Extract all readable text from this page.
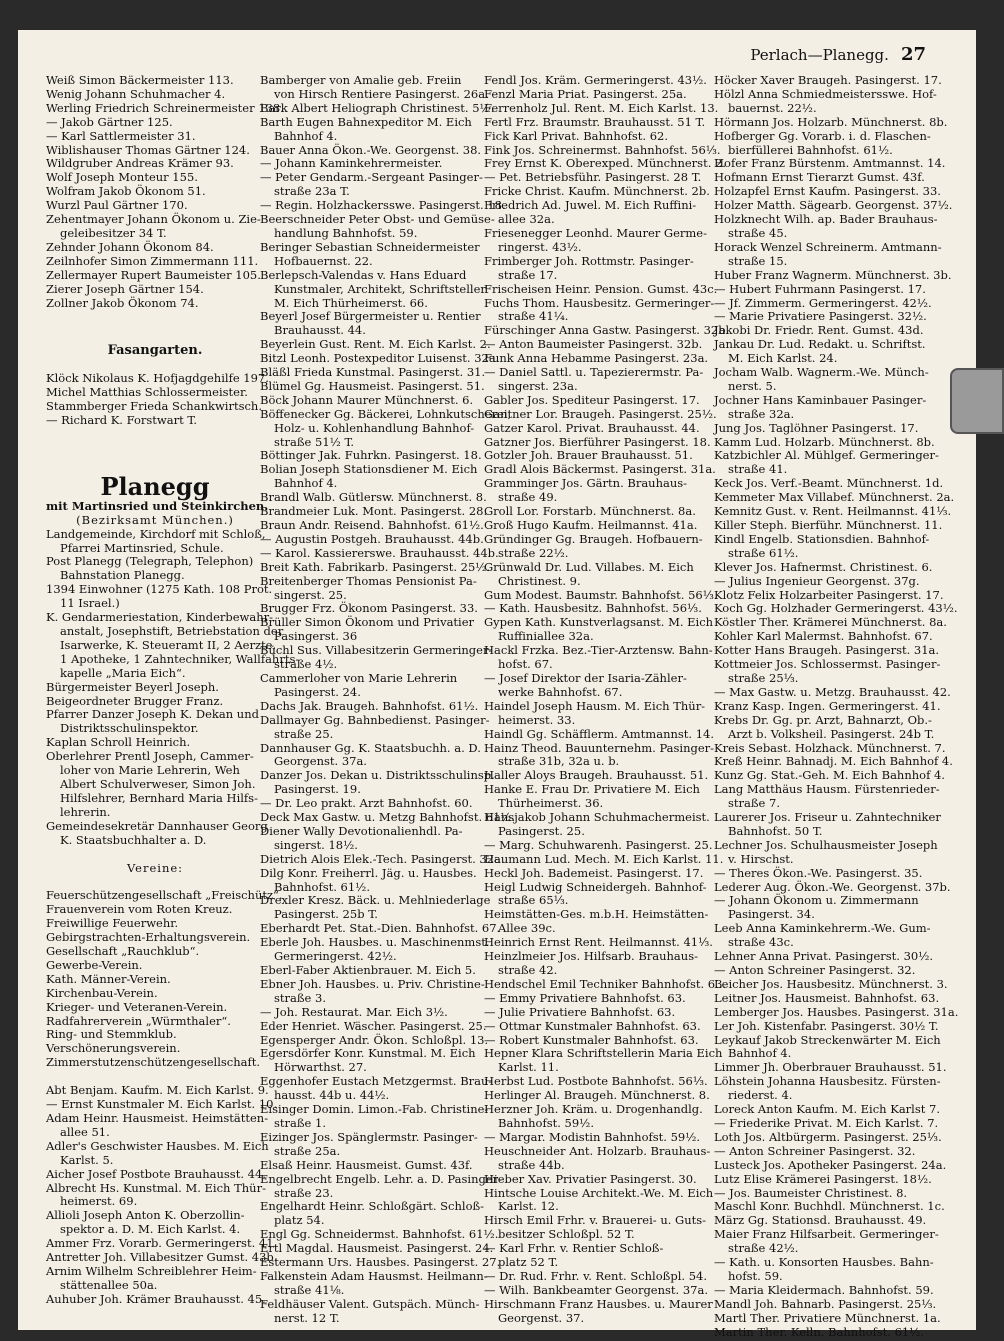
Perlach—Planegg. 27
Weiß Simon Bäckermeister 113.
Wenig Johann Schuhmacher 4.
Werling Friedrich Schreinermeister 138.
— Jakob Gärtner 125.
— Karl Sattlermeister 31.
Wiblishauser Thomas Gärtner 124.
Wildgruber Andreas Krämer 93.
Wolf Joseph Monteur 155.
Wolfram Jakob Ökonom 51.
Wurzl Paul Gärtner 170.
Zehentmayer Johann Ökonom u. Zie-
geleibesitzer 34 T.
Zehnder Johann Ökonom 84.
Zeilnhofer Simon Zimmermann 111.
Zellermayer Rupert Baumeister 105.
Zierer Joseph Gärtner 154.
Zollner Jakob Ökonom 74.
Fasangarten.
Klöck Nikolaus K. Hofjagdgehilfe 197.
Michel Matthias Schlossermeister.
Stammberger Frieda Schankwirtsch.
— Richard K. Forstwart T.
Planegg
mit Martinsried und Steinkirchen.
(Bezirksamt München.)
Landgemeinde, Kirchdorf mit Schloß,
Pfarrei Martinsried, Schule.
Post Planegg (Telegraph, Telephon)
Bahnstation Planegg.
1394 Einwohner (1275 Kath. 108 Prot.
11 Israel.)
K. Gendarmeriestation, Kinderbewahr-
anstalt, Josephstift, Betriebstation der
Isarwerke, K. Steueramt II, 2 Aerzte,
1 Apotheke, 1 Zahntechniker, Wallfahrts-
kapelle „Maria Eich“.
Bürgermeister Beyerl Joseph.
Beigeordneter Brugger Franz.
Pfarrer Danzer Joseph K. Dekan und
Distriktsschulinspektor.
Kaplan Schroll Heinrich.
Oberlehrer Prentl Joseph, Cammer-
loher von Marie Lehrerin, Weh
Albert Schulverweser, Simon Joh.
Hilfslehrer, Bernhard Maria Hilfs-
lehrerin.
Gemeindesekretär Dannhauser Georg
K. Staatsbuchhalter a. D.
Vereine:
Feuerschützengesellschaft „Freischütz“.
Frauenverein vom Roten Kreuz.
Freiwillige Feuerwehr.
Gebirgstrachten-Erhaltungsverein.
Gesellschaft „Rauchklub“.
Gewerbe-Verein.
Kath. Männer-Verein.
Kirchenbau-Verein.
Krieger- und Veteranen-Verein.
Radfahrerverein „Würmthaler“.
Ring- und Stemmklub.
Verschönerungsverein.
Zimmerstutzenschützengesellschaft.
Abt Benjam. Kaufm. M. Eich Karlst. 9.
— Ernst Kunstmaler M. Eich Karlst. 10.
Adam Heinr. Hausmeist. Heimstätten-
allee 51.
Adler's Geschwister Hausbes. M. Eich
Karlst. 5.
Aicher Josef Postbote Brauhausst. 44.
Albrecht Hs. Kunstmal. M. Eich Thür-
heimerst. 69.
Allioli Joseph Anton K. Oberzollin-
spektor a. D. M. Eich Karlst. 4.
Ammer Frz. Vorarb. Germeringerst. 41.
Antretter Joh. Villabesitzer Gumst. 43b.
Arnim Wilhelm Schreiblehrer Heim-
stättenallee 50a.
Auhuber Joh. Krämer Brauhausst. 45.
Bamberger von Amalie geb. Freiin
von Hirsch Rentiere Pasingerst. 26a.
Bark Albert Heliograph Christinest. 5½.
Barth Eugen Bahnexpeditor M. Eich
Bahnhof 4.
Bauer Anna Ökon.-We. Georgenst. 38.
— Johann Kaminkehrermeister.
— Peter Gendarm.-Sergeant Pasinger-
straße 23a T.
— Regin. Holzhackersswe. Pasingerst. 18.
Beerschneider Peter Obst- und Gemüse-
handlung Bahnhofst. 59.
Beringer Sebastian Schneidermeister
Hofbauernst. 22.
Berlepsch-Valendas v. Hans Eduard
Kunstmaler, Architekt, Schriftsteller
M. Eich Thürheimerst. 66.
Beyerl Josef Bürgermeister u. Rentier
Brauhausst. 44.
Beyerlein Gust. Rent. M. Eich Karlst. 2.
Bitzl Leonh. Postexpeditor Luisenst. 32a.
Bläßl Frieda Kunstmal. Pasingerst. 31.
Blümel Gg. Hausmeist. Pasingerst. 51.
Böck Johann Maurer Münchnerst. 6.
Böffenecker Gg. Bäckerei, Lohnkutscherei,
Holz- u. Kohlenhandlung Bahnhof-
straße 51½ T.
Böttinger Jak. Fuhrkn. Pasingerst. 18.
Bolian Joseph Stationsdiener M. Eich
Bahnhof 4.
Brandl Walb. Gütlersw. Münchnerst. 8.
Brandmeier Luk. Mont. Pasingerst. 28.
Braun Andr. Reisend. Bahnhofst. 61½.
— Augustin Postgeh. Brauhausst. 44b.
— Karol. Kassiererswe. Brauhausst. 44b.
Breit Kath. Fabrikarb. Pasingerst. 25½.
Breitenberger Thomas Pensionist Pa-
singerst. 25.
Brugger Frz. Ökonom Pasingerst. 33.
Brüller Simon Ökonom und Privatier
Pasingerst. 36
Büchl Sus. Villabesitzerin Germeringer-
straße 4½.
Cammerloher von Marie Lehrerin
Pasingerst. 24.
Dachs Jak. Braugeh. Bahnhofst. 61½.
Dallmayer Gg. Bahnbedienst. Pasinger-
straße 25.
Dannhauser Gg. K. Staatsbuchh. a. D.
Georgenst. 37a.
Danzer Jos. Dekan u. Distriktsschulinsp.
Pasingerst. 19.
— Dr. Leo prakt. Arzt Bahnhofst. 60.
Deck Max Gastw. u. Metzg Bahnhofst. 61½.
Diener Wally Devotionalienhdl. Pa-
singerst. 18½.
Dietrich Alois Elek.-Tech. Pasingerst. 32a.
Dilg Konr. Freiherrl. Jäg. u. Hausbes.
Bahnhofst. 61½.
Drexler Kresz. Bäck. u. Mehlniederlage
Pasingerst. 25b T.
Eberhardt Pet. Stat.-Dien. Bahnhofst. 67.
Eberle Joh. Hausbes. u. Maschinenmst.
Germeringerst. 42½.
Eberl-Faber Aktienbrauer. M. Eich 5.
Ebner Joh. Hausbes. u. Priv. Christine-
straße 3.
— Joh. Restaurat. Mar. Eich 3½.
Eder Henriet. Wäscher. Pasingerst. 25.
Egensperger Andr. Ökon. Schloßpl. 13.
Egersdörfer Konr. Kunstmal. M. Eich
Hörwarthst. 27.
Eggenhofer Eustach Metzgermst. Brau-
hausst. 44b u. 44½.
Eisinger Domin. Limon.-Fab. Christine-
straße 1.
Eizinger Jos. Spänglermstr. Pasinger-
straße 25a.
Elsaß Heinr. Hausmeist. Gumst. 43f.
Engelbrecht Engelb. Lehr. a. D. Pasinger-
straße 23.
Engelhardt Heinr. Schloßgärt. Schloß-
platz 54.
Engl Gg. Schneidermst. Bahnhofst. 61½.
Ertl Magdal. Hausmeist. Pasingerst. 24.
Estermann Urs. Hausbes. Pasingerst. 27.
Falkenstein Adam Hausmst. Heilmann-
straße 41⅛.
Feldhäuser Valent. Gutspäch. Münch-
nerst. 12 T.
Fendl Jos. Kräm. Germeringerst. 43½.
Fenzl Maria Priat. Pasingerst. 25a.
Ferrenholz Jul. Rent. M. Eich Karlst. 13.
Fertl Frz. Braumstr. Brauhausst. 51 T.
Fick Karl Privat. Bahnhofst. 62.
Fink Jos. Schreinermst. Bahnhofst. 56⅓.
Frey Ernst K. Oberexped. Münchnerst. 2.
— Pet. Betriebsführ. Pasingerst. 28 T.
Fricke Christ. Kaufm. Münchnerst. 2b.
Friedrich Ad. Juwel. M. Eich Ruffini-
allee 32a.
Friesenegger Leonhd. Maurer Germe-
ringerst. 43½.
Frimberger Joh. Rottmstr. Pasinger-
straße 17.
Frischeisen Heinr. Pension. Gumst. 43c.
Fuchs Thom. Hausbesitz. Germeringer-
straße 41¼.
Fürschinger Anna Gastw. Pasingerst. 32b.
— Anton Baumeister Pasingerst. 32b.
Funk Anna Hebamme Pasingerst. 23a.
— Daniel Sattl. u. Tapezierermstr. Pa-
singerst. 23a.
Gabler Jos. Spediteur Pasingerst. 17.
Gantner Lor. Braugeh. Pasingerst. 25½.
Gatzer Karol. Privat. Brauhausst. 44.
Gatzner Jos. Bierführer Pasingerst. 18.
Gotzler Joh. Brauer Brauhausst. 51.
Gradl Alois Bäckermst. Pasingerst. 31a.
Gramminger Jos. Gärtn. Brauhaus-
straße 49.
Groll Lor. Forstarb. Münchnerst. 8a.
Groß Hugo Kaufm. Heilmannst. 41a.
Gründinger Gg. Braugeh. Hofbauern-
straße 22½.
Grünwald Dr. Lud. Villabes. M. Eich
Christinest. 9.
Gum Modest. Baumstr. Bahnhofst. 56⅓.
— Kath. Hausbesitz. Bahnhofst. 56⅓.
Gypen Kath. Kunstverlagsanst. M. Eich
Ruffiniallee 32a.
Hackl Frzka. Bez.-Tier-Arztensw. Bahn-
hofst. 67.
— Josef Direktor der Isaria-Zähler-
werke Bahnhofst. 67.
Haindel Joseph Hausm. M. Eich Thür-
heimerst. 33.
Haindl Gg. Schäfflerm. Amtmannst. 14.
Hainz Theod. Bauunternehm. Pasinger-
straße 31b, 32a u. b.
Haller Aloys Braugeh. Brauhausst. 51.
Hanke E. Frau Dr. Privatiere M. Eich
Thürheimerst. 36.
Hansjakob Johann Schuhmachermeist.
Pasingerst. 25.
— Marg. Schuhwarenh. Pasingerst. 25.
Haumann Lud. Mech. M. Eich Karlst. 11.
Heckl Joh. Bademeist. Pasingerst. 17.
Heigl Ludwig Schneidergeh. Bahnhof-
straße 65⅓.
Heimstätten-Ges. m.b.H. Heimstätten-
Allee 39c.
Heinrich Ernst Rent. Heilmannst. 41⅓.
Heinzlmeier Jos. Hilfsarb. Brauhaus-
straße 42.
Hendschel Emil Techniker Bahnhofst. 63.
— Emmy Privatiere Bahnhofst. 63.
— Julie Privatiere Bahnhofst. 63.
— Ottmar Kunstmaler Bahnhofst. 63.
— Robert Kunstmaler Bahnhofst. 63.
Hepner Klara Schriftstellerin Maria Eich
Karlst. 11.
Herbst Lud. Postbote Bahnhofst. 56⅓.
Herlinger Al. Braugeh. Münchnerst. 8.
Herzner Joh. Kräm. u. Drogenhandlg.
Bahnhofst. 59½.
— Margar. Modistin Bahnhofst. 59½.
Heuschneider Ant. Holzarb. Brauhaus-
straße 44b.
Hieber Xav. Privatier Pasingerst. 30.
Hintsche Louise Architekt.-We. M. Eich
Karlst. 12.
Hirsch Emil Frhr. v. Brauerei- u. Guts-
besitzer Schloßpl. 52 T.
— Karl Frhr. v. Rentier Schloß-
platz 52 T.
— Dr. Rud. Frhr. v. Rent. Schloßpl. 54.
— Wilh. Bankbeamter Georgenst. 37a.
Hirschmann Franz Hausbes. u. Maurer
Georgenst. 37.
Höcker Xaver Braugeh. Pasingerst. 17.
Hölzl Anna Schmiedmeistersswe. Hof-
bauernst. 22½.
Hörmann Jos. Holzarb. Münchnerst. 8b.
Hofberger Gg. Vorarb. i. d. Flaschen-
bierfüllerei Bahnhofst. 61½.
Hofer Franz Bürstenm. Amtmannst. 14.
Hofmann Ernst Tierarzt Gumst. 43f.
Holzapfel Ernst Kaufm. Pasingerst. 33.
Holzer Matth. Sägearb. Georgenst. 37½.
Holzknecht Wilh. ap. Bader Brauhaus-
straße 45.
Horack Wenzel Schreinerm. Amtmann-
straße 15.
Huber Franz Wagnerm. Münchnerst. 3b.
— Hubert Fuhrmann Pasingerst. 17.
— Jf. Zimmerm. Germeringerst. 42½.
— Marie Privatiere Pasingerst. 32½.
Jakobi Dr. Friedr. Rent. Gumst. 43d.
Jankau Dr. Lud. Redakt. u. Schriftst.
M. Eich Karlst. 24.
Jocham Walb. Wagnerm.-We. Münch-
nerst. 5.
Jochner Hans Kaminbauer Pasinger-
straße 32a.
Jung Jos. Taglöhner Pasingerst. 17.
Kamm Lud. Holzarb. Münchnerst. 8b.
Katzbichler Al. Mühlgef. Germeringer-
straße 41.
Keck Jos. Verf.-Beamt. Münchnerst. 1d.
Kemmeter Max Villabef. Münchnerst. 2a.
Kemnitz Gust. v. Rent. Heilmannst. 41⅓.
Killer Steph. Bierführ. Münchnerst. 11.
Kindl Engelb. Stationsdien. Bahnhof-
straße 61½.
Klever Jos. Hafnermst. Christinest. 6.
— Julius Ingenieur Georgenst. 37g.
Klotz Felix Holzarbeiter Pasingerst. 17.
Koch Gg. Holzhader Germeringerst. 43½.
Köstler Ther. Krämerei Münchnerst. 8a.
Kohler Karl Malermst. Bahnhofst. 67.
Kotter Hans Braugeh. Pasingerst. 31a.
Kottmeier Jos. Schlossermst. Pasinger-
straße 25⅓.
— Max Gastw. u. Metzg. Brauhausst. 42.
Kranz Kasp. Ingen. Germeringerst. 41.
Krebs Dr. Gg. pr. Arzt, Bahnarzt, Ob.-
Arzt b. Volksheil. Pasingerst. 24b T.
Kreis Sebast. Holzhack. Münchnerst. 7.
Kreß Heinr. Bahnadj. M. Eich Bahnhof 4.
Kunz Gg. Stat.-Geh. M. Eich Bahnhof 4.
Lang Matthäus Hausm. Fürstenrieder-
straße 7.
Laurerer Jos. Friseur u. Zahntechniker
Bahnhofst. 50 T.
Lechner Jos. Schulhausmeister Joseph
v. Hirschst.
— Theres Ökon.-We. Pasingerst. 35.
Lederer Aug. Ökon.-We. Georgenst. 37b.
— Johann Ökonom u. Zimmermann
Pasingerst. 34.
Leeb Anna Kaminkehrerm.-We. Gum-
straße 43c.
Lehner Anna Privat. Pasingerst. 30½.
— Anton Schreiner Pasingerst. 32.
Leicher Jos. Hausbesitz. Münchnerst. 3.
Leitner Jos. Hausmeist. Bahnhofst. 63.
Lemberger Jos. Hausbes. Pasingerst. 31a.
Ler Joh. Kistenfabr. Pasingerst. 30½ T.
Leykauf Jakob Streckenwärter M. Eich
Bahnhof 4.
Limmer Jh. Oberbrauer Brauhausst. 51.
Löhstein Johanna Hausbesitz. Fürsten-
riederst. 4.
Loreck Anton Kaufm. M. Eich Karlst 7.
— Friederike Privat. M. Eich Karlst. 7.
Loth Jos. Altbürgerm. Pasingerst. 25⅓.
— Anton Schreiner Pasingerst. 32.
Lusteck Jos. Apotheker Pasingerst. 24a.
Lutz Elise Krämerei Pasingerst. 18½.
— Jos. Baumeister Christinest. 8.
Maschl Konr. Buchhdl. Münchnerst. 1c.
März Gg. Stationsd. Brauhausst. 49.
Maier Franz Hilfsarbeit. Germeringer-
straße 42½.
— Kath. u. Konsorten Hausbes. Bahn-
hofst. 59.
— Maria Kleidermach. Bahnhofst. 59.
Mandl Joh. Bahnarb. Pasingerst. 25⅓.
Martl Ther. Privatiere Münchnerst. 1a.
Martin Ther. Kelln. Bahnhofst. 61½.
